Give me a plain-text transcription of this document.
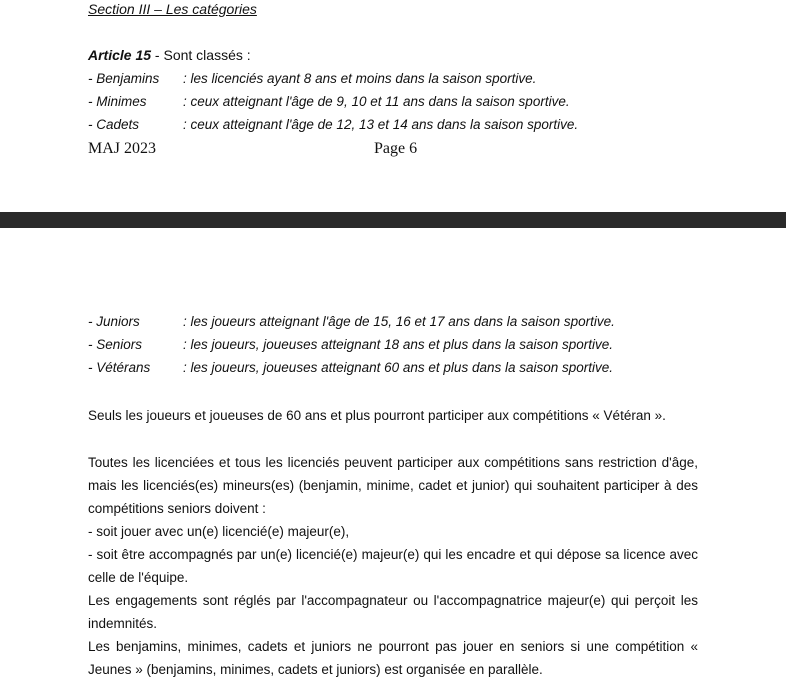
Section III – Les catégories
Article 15 - Sont classés :
- Benjamins : les licenciés ayant 8 ans et moins dans la saison sportive.
- Minimes	: ceux atteignant l'âge de 9, 10 et 11 ans dans la saison sportive.
- Cadets	: ceux atteignant l'âge de 12, 13 et 14 ans dans la saison sportive.
MAJ 2023	Page 6
- Juniors	: les joueurs atteignant l'âge de 15, 16 et 17 ans dans la saison sportive.
- Seniors	: les joueurs, joueuses atteignant 18 ans et plus dans la saison sportive.
- Vétérans : les joueurs, joueuses atteignant 60 ans et plus dans la saison sportive.

Seuls les joueurs et joueuses de 60 ans et plus pourront participer aux compétitions « Vétéran ».

Toutes les licenciées et tous les licenciés peuvent participer aux compétitions sans restriction d'âge, mais les licenciés(es) mineurs(es) (benjamin, minime, cadet et junior) qui souhaitent participer à des compétitions seniors doivent :

- soit jouer avec un(e) licencié(e) majeur(e),

- soit être accompagnés par un(e) licencié(e) majeur(e) qui les encadre et qui dépose sa licence avec celle de l'équipe.

Les engagements sont réglés par l'accompagnateur ou l'accompagnatrice majeur(e) qui perçoit les indemnités.

Les benjamins, minimes, cadets et juniors ne pourront pas jouer en seniors si une compétition « Jeunes » (benjamins, minimes, cadets et juniors) est organisée en parallèle.
